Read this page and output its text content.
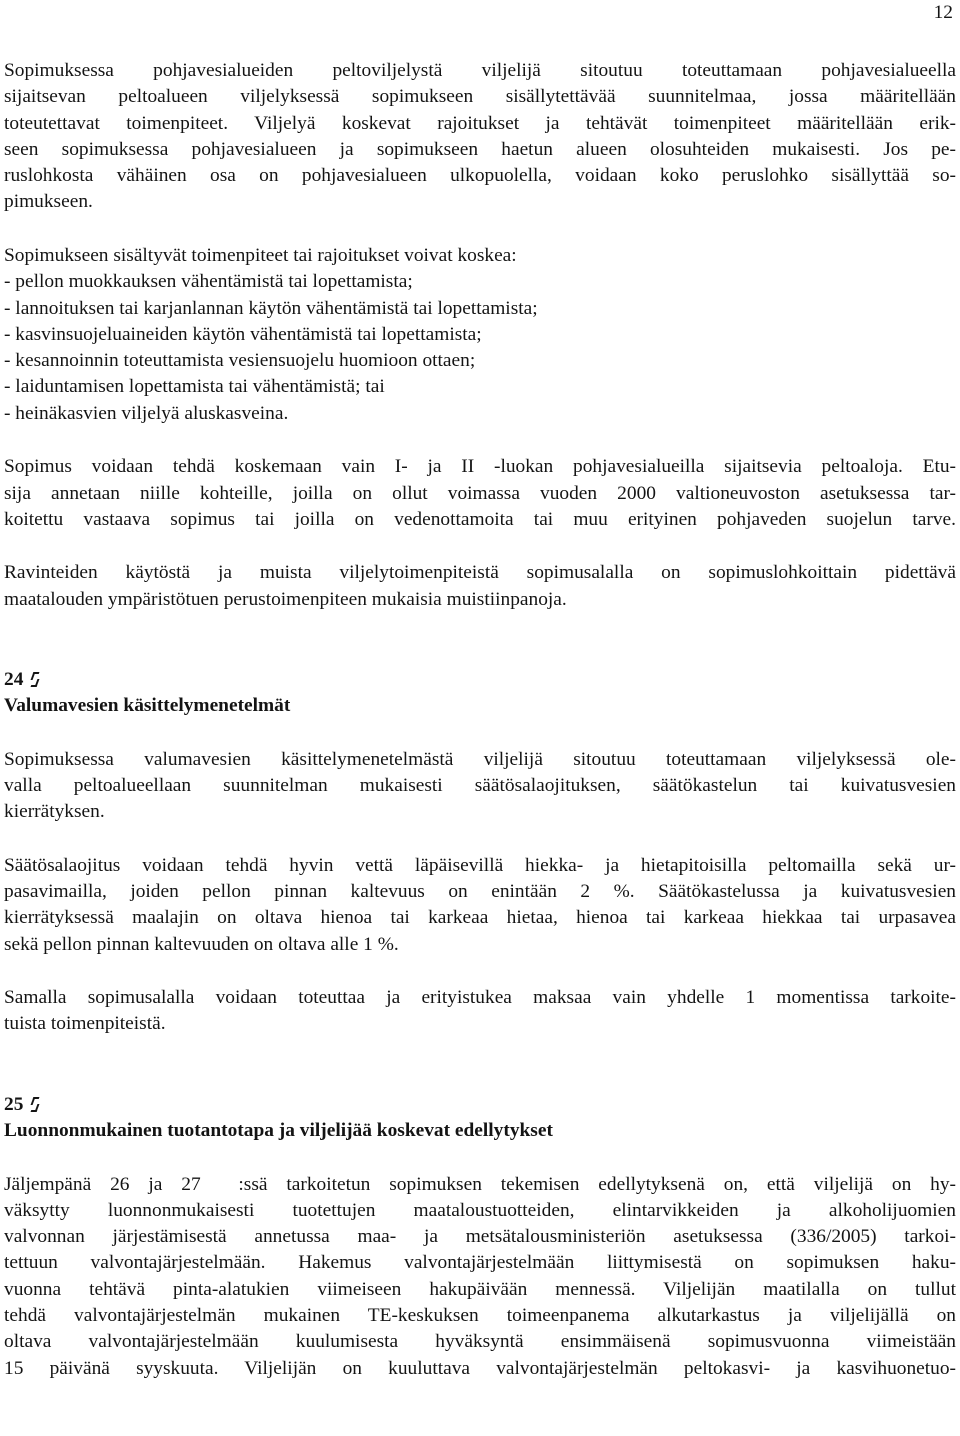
12
Sopimuksessa pohjavesialueiden peltoviljelystä viljelijä sitoutuu toteuttamaan pohjavesialueella
sijaitsevan peltoalueen viljelyksessä sopimukseen sisällytettävää suunnitelmaa, jossa määritellään
toteutettavat toimenpiteet. Viljelyä koskevat rajoitukset ja tehtävät toimenpiteet määritellään erik-
seen sopimuksessa pohjavesialueen ja sopimukseen haetun alueen olosuhteiden mukaisesti. Jos pe-
ruslohkosta vähäinen osa on pohjavesialueen ulkopuolella, voidaan koko peruslohko sisällyttää so-
pimukseen.
Sopimukseen sisältyvät toimenpiteet tai rajoitukset voivat koskea:
- pellon muokkauksen vähentämistä tai lopettamista;
- lannoituksen tai karjanlannan käytön vähentämistä tai lopettamista;
- kasvinsuojeluaineiden käytön vähentämistä tai lopettamista;
- kesannoinnin toteuttamista vesiensuojelu huomioon ottaen;
- laiduntamisen lopettamista tai vähentämistä; tai
- heinäkasvien viljelyä aluskasveina.
Sopimus voidaan tehdä koskemaan vain I- ja II -luokan pohjavesialueilla sijaitsevia peltoaloja. Etu-
sija annetaan niille kohteille, joilla on ollut voimassa vuoden 2000 valtioneuvoston asetuksessa tar-
koitettu vastaava sopimus tai joilla on vedenottamoita tai muu erityinen pohjaveden suojelun tarve.
Ravinteiden käytöstä ja muista viljelytoimenpiteistä sopimusalalla on sopimuslohkoittain pidettävä
maatalouden ympäristötuen perustoimenpiteen mukaisia muistiinpanoja.
24
Valumavesien käsittelymenetelmät
Sopimuksessa valumavesien käsittelymenetelmästä viljelijä sitoutuu toteuttamaan viljelyksessä ole-
valla peltoalueellaan suunnitelman mukaisesti säätösalaojituksen, säätökastelun tai kuivatusvesien
kierrätyksen.
Säätösalaojitus voidaan tehdä hyvin vettä läpäisevillä hiekka- ja hietapitoisilla peltomailla sekä ur-
pasavimailla, joiden pellon pinnan kaltevuus on enintään 2 %. Säätökastelussa ja kuivatusvesien
kierrätyksessä maalajin on oltava hienoa tai karkeaa hietaa, hienoa tai karkeaa hiekkaa tai urpasavea
sekä pellon pinnan kaltevuuden on oltava alle 1 %.
Samalla sopimusalalla voidaan toteuttaa ja erityistukea maksaa vain yhdelle 1 momentissa tarkoite-
tuista toimenpiteistä.
25
Luonnonmukainen tuotantotapa ja viljelijää koskevat edellytykset
Jäljempänä 26 ja 27  :ssä tarkoitetun sopimuksen tekemisen edellytyksenä on, että viljelijä on hy-
väksytty luonnonmukaisesti tuotettujen maataloustuotteiden, elintarvikkeiden ja alkoholijuomien
valvonnan järjestämisestä annetussa maa- ja metsätalousministeriön asetuksessa (336/2005) tarkoi-
tettuun valvontajärjestelmään. Hakemus valvontajärjestelmään liittymisestä on sopimuksen haku-
vuonna tehtävä pinta-alatukien viimeiseen hakupäivään mennessä. Viljelijän maatilalla on tullut
tehdä valvontajärjestelmän mukainen TE-keskuksen toimeenpanema alkutarkastus ja viljelijällä on
oltava valvontajärjestelmään kuulumisesta hyväksyntä ensimmäisenä sopimusvuonna viimeistään
15 päivänä syyskuuta. Viljelijän on kuuluttava valvontajärjestelmän peltokasvi- ja kasvihuonetuo-
